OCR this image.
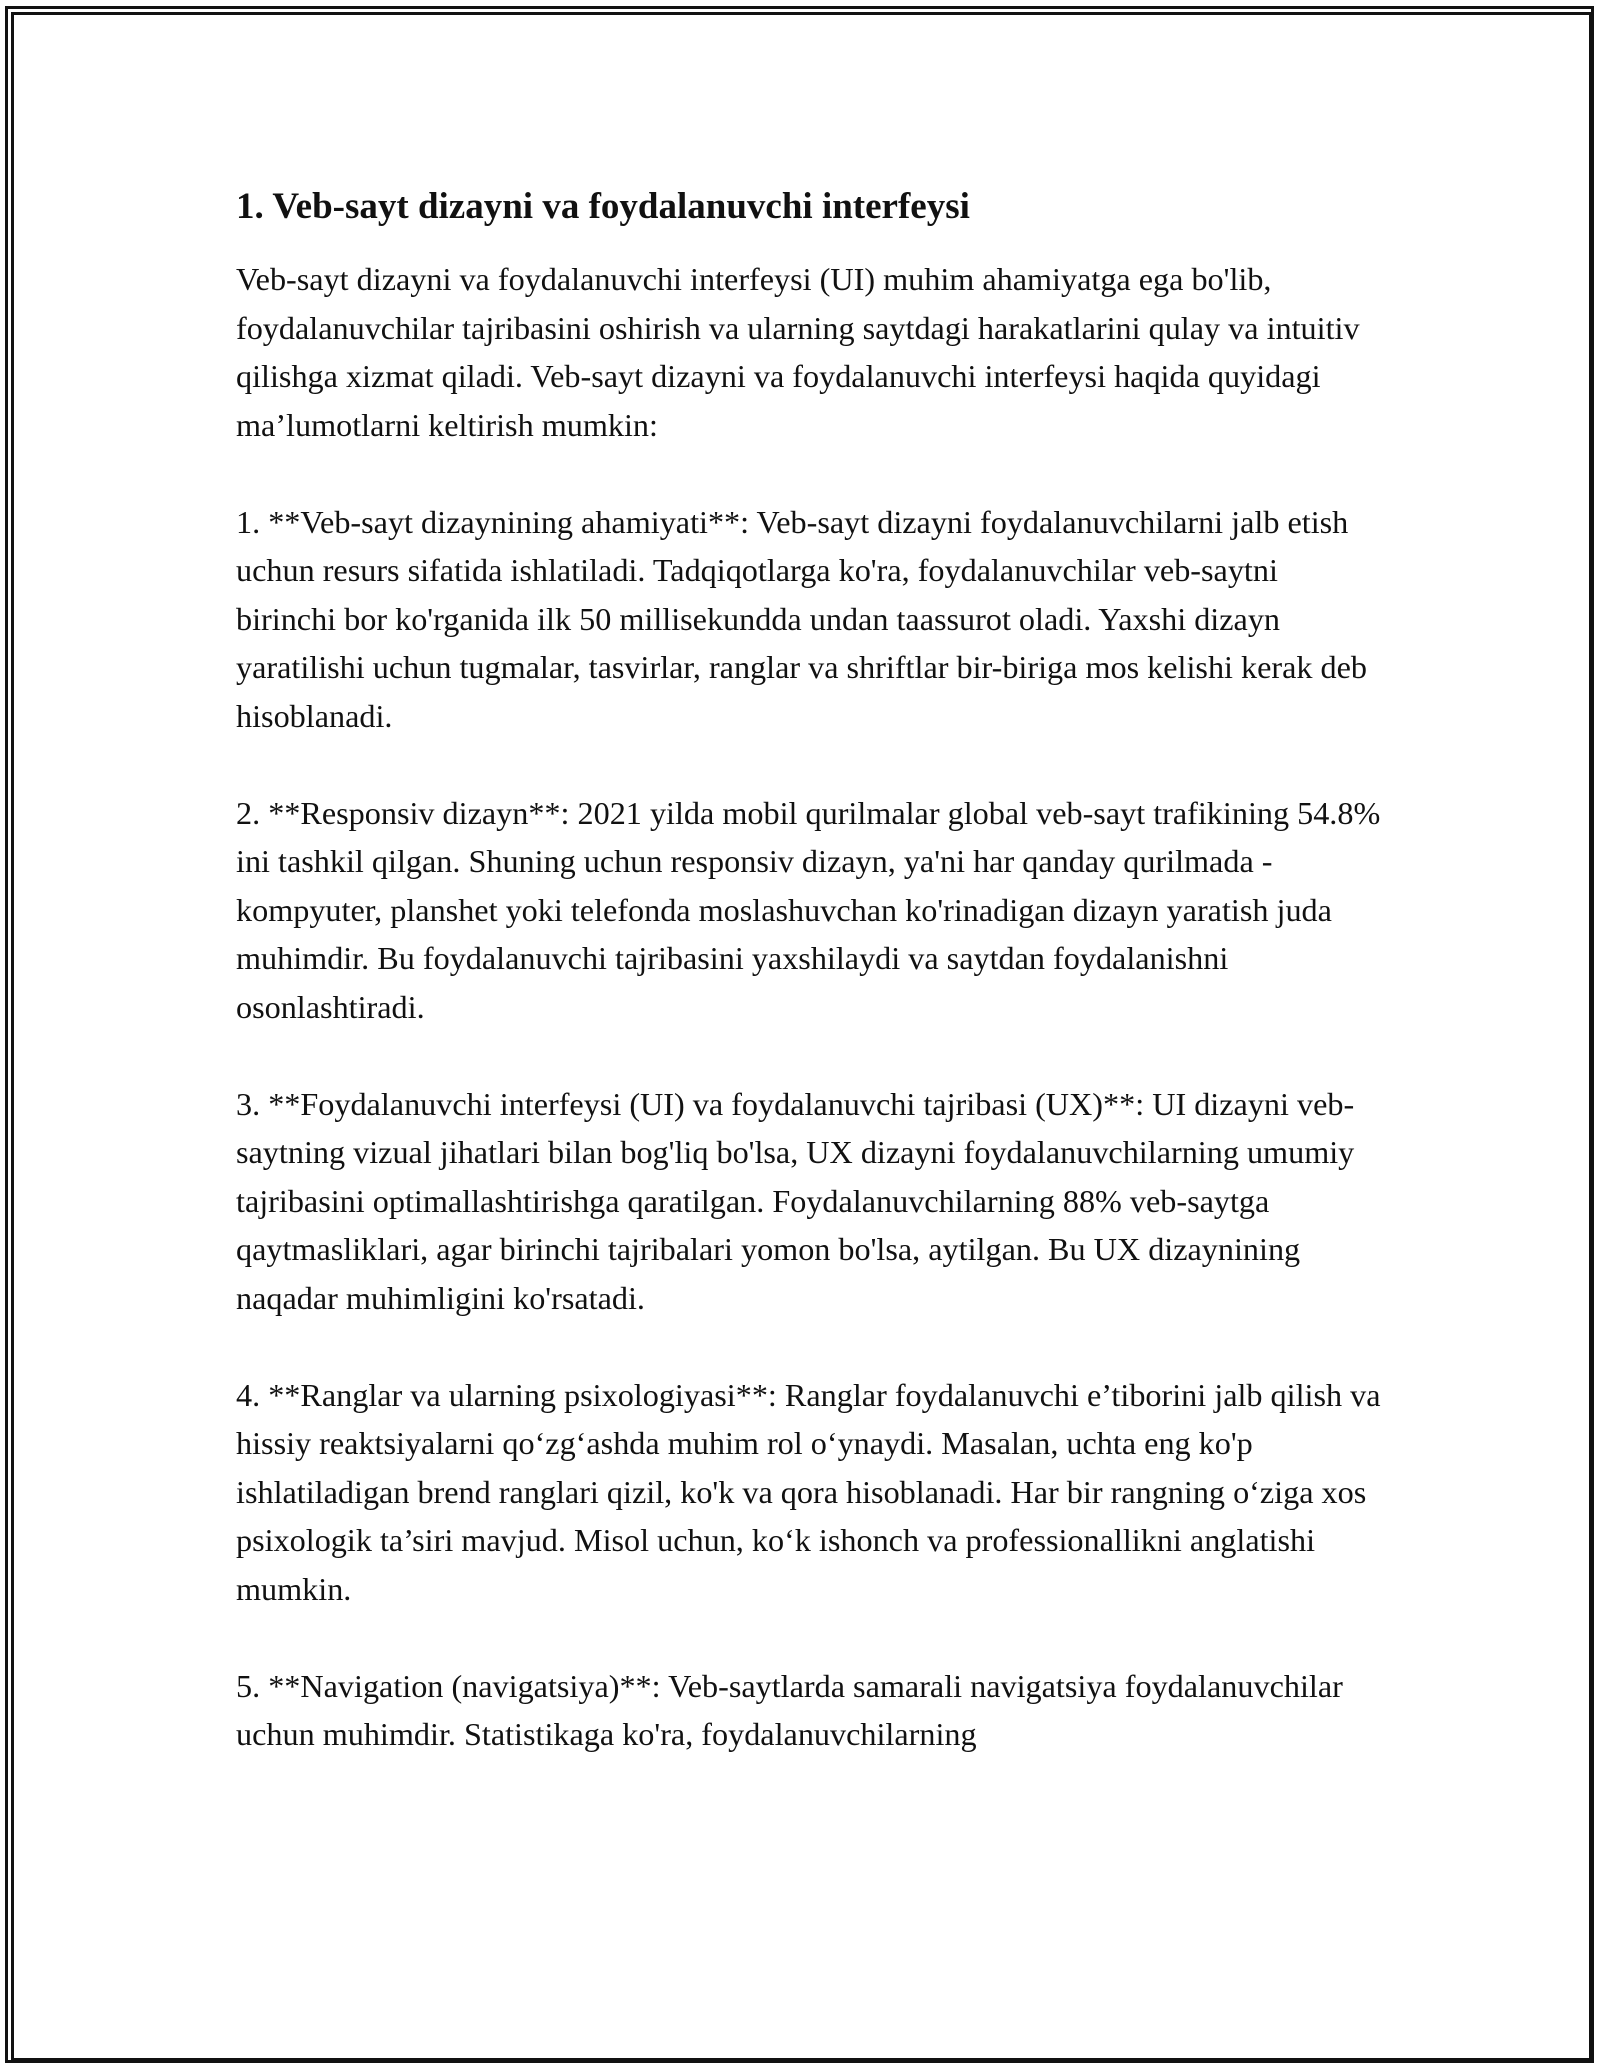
1. Veb-sayt dizayni va foydalanuvchi interfeysi

Veb-sayt dizayni va foydalanuvchi interfeysi (UI) muhim ahamiyatga ega bo'lib, foydalanuvchilar tajribasini oshirish va ularning saytdagi harakatlarini qulay va intuitiv qilishga xizmat qiladi. Veb-sayt dizayni va foydalanuvchi interfeysi haqida quyidagi ma’lumotlarni keltirish mumkin:

1. **Veb-sayt dizaynining ahamiyati**: Veb-sayt dizayni foydalanuvchilarni jalb etish uchun resurs sifatida ishlatiladi. Tadqiqotlarga ko'ra, foydalanuvchilar veb-saytni birinchi bor ko'rganida ilk 50 millisekundda undan taassurot oladi. Yaxshi dizayn yaratilishi uchun tugmalar, tasvirlar, ranglar va shriftlar bir-biriga mos kelishi kerak deb hisoblanadi.

2. **Responsiv dizayn**: 2021 yilda mobil qurilmalar global veb-sayt trafikining 54.8% ini tashkil qilgan. Shuning uchun responsiv dizayn, ya'ni har qanday qurilmada - kompyuter, planshet yoki telefonda moslashuvchan ko'rinadigan dizayn yaratish juda muhimdir. Bu foydalanuvchi tajribasini yaxshilaydi va saytdan foydalanishni osonlashtiradi.

3. **Foydalanuvchi interfeysi (UI) va foydalanuvchi tajribasi (UX)**: UI dizayni veb-saytning vizual jihatlari bilan bog'liq bo'lsa, UX dizayni foydalanuvchilarning umumiy tajribasini optimallashtirishga qaratilgan. Foydalanuvchilarning 88% veb-saytga qaytmasliklari, agar birinchi tajribalari yomon bo'lsa, aytilgan. Bu UX dizaynining naqadar muhimligini ko'rsatadi.

4. **Ranglar va ularning psixologiyasi**: Ranglar foydalanuvchi e’tiborini jalb qilish va hissiy reaktsiyalarni qo‘zg‘ashda muhim rol o‘ynaydi. Masalan, uchta eng ko'p ishlatiladigan brend ranglari qizil, ko'k va qora hisoblanadi. Har bir rangning o‘ziga xos psixologik ta’siri mavjud. Misol uchun, ko‘k ishonch va professionallikni anglatishi mumkin.

5. **Navigation (navigatsiya)**: Veb-saytlarda samarali navigatsiya foydalanuvchilar uchun muhimdir. Statistikaga ko'ra, foydalanuvchilarning
